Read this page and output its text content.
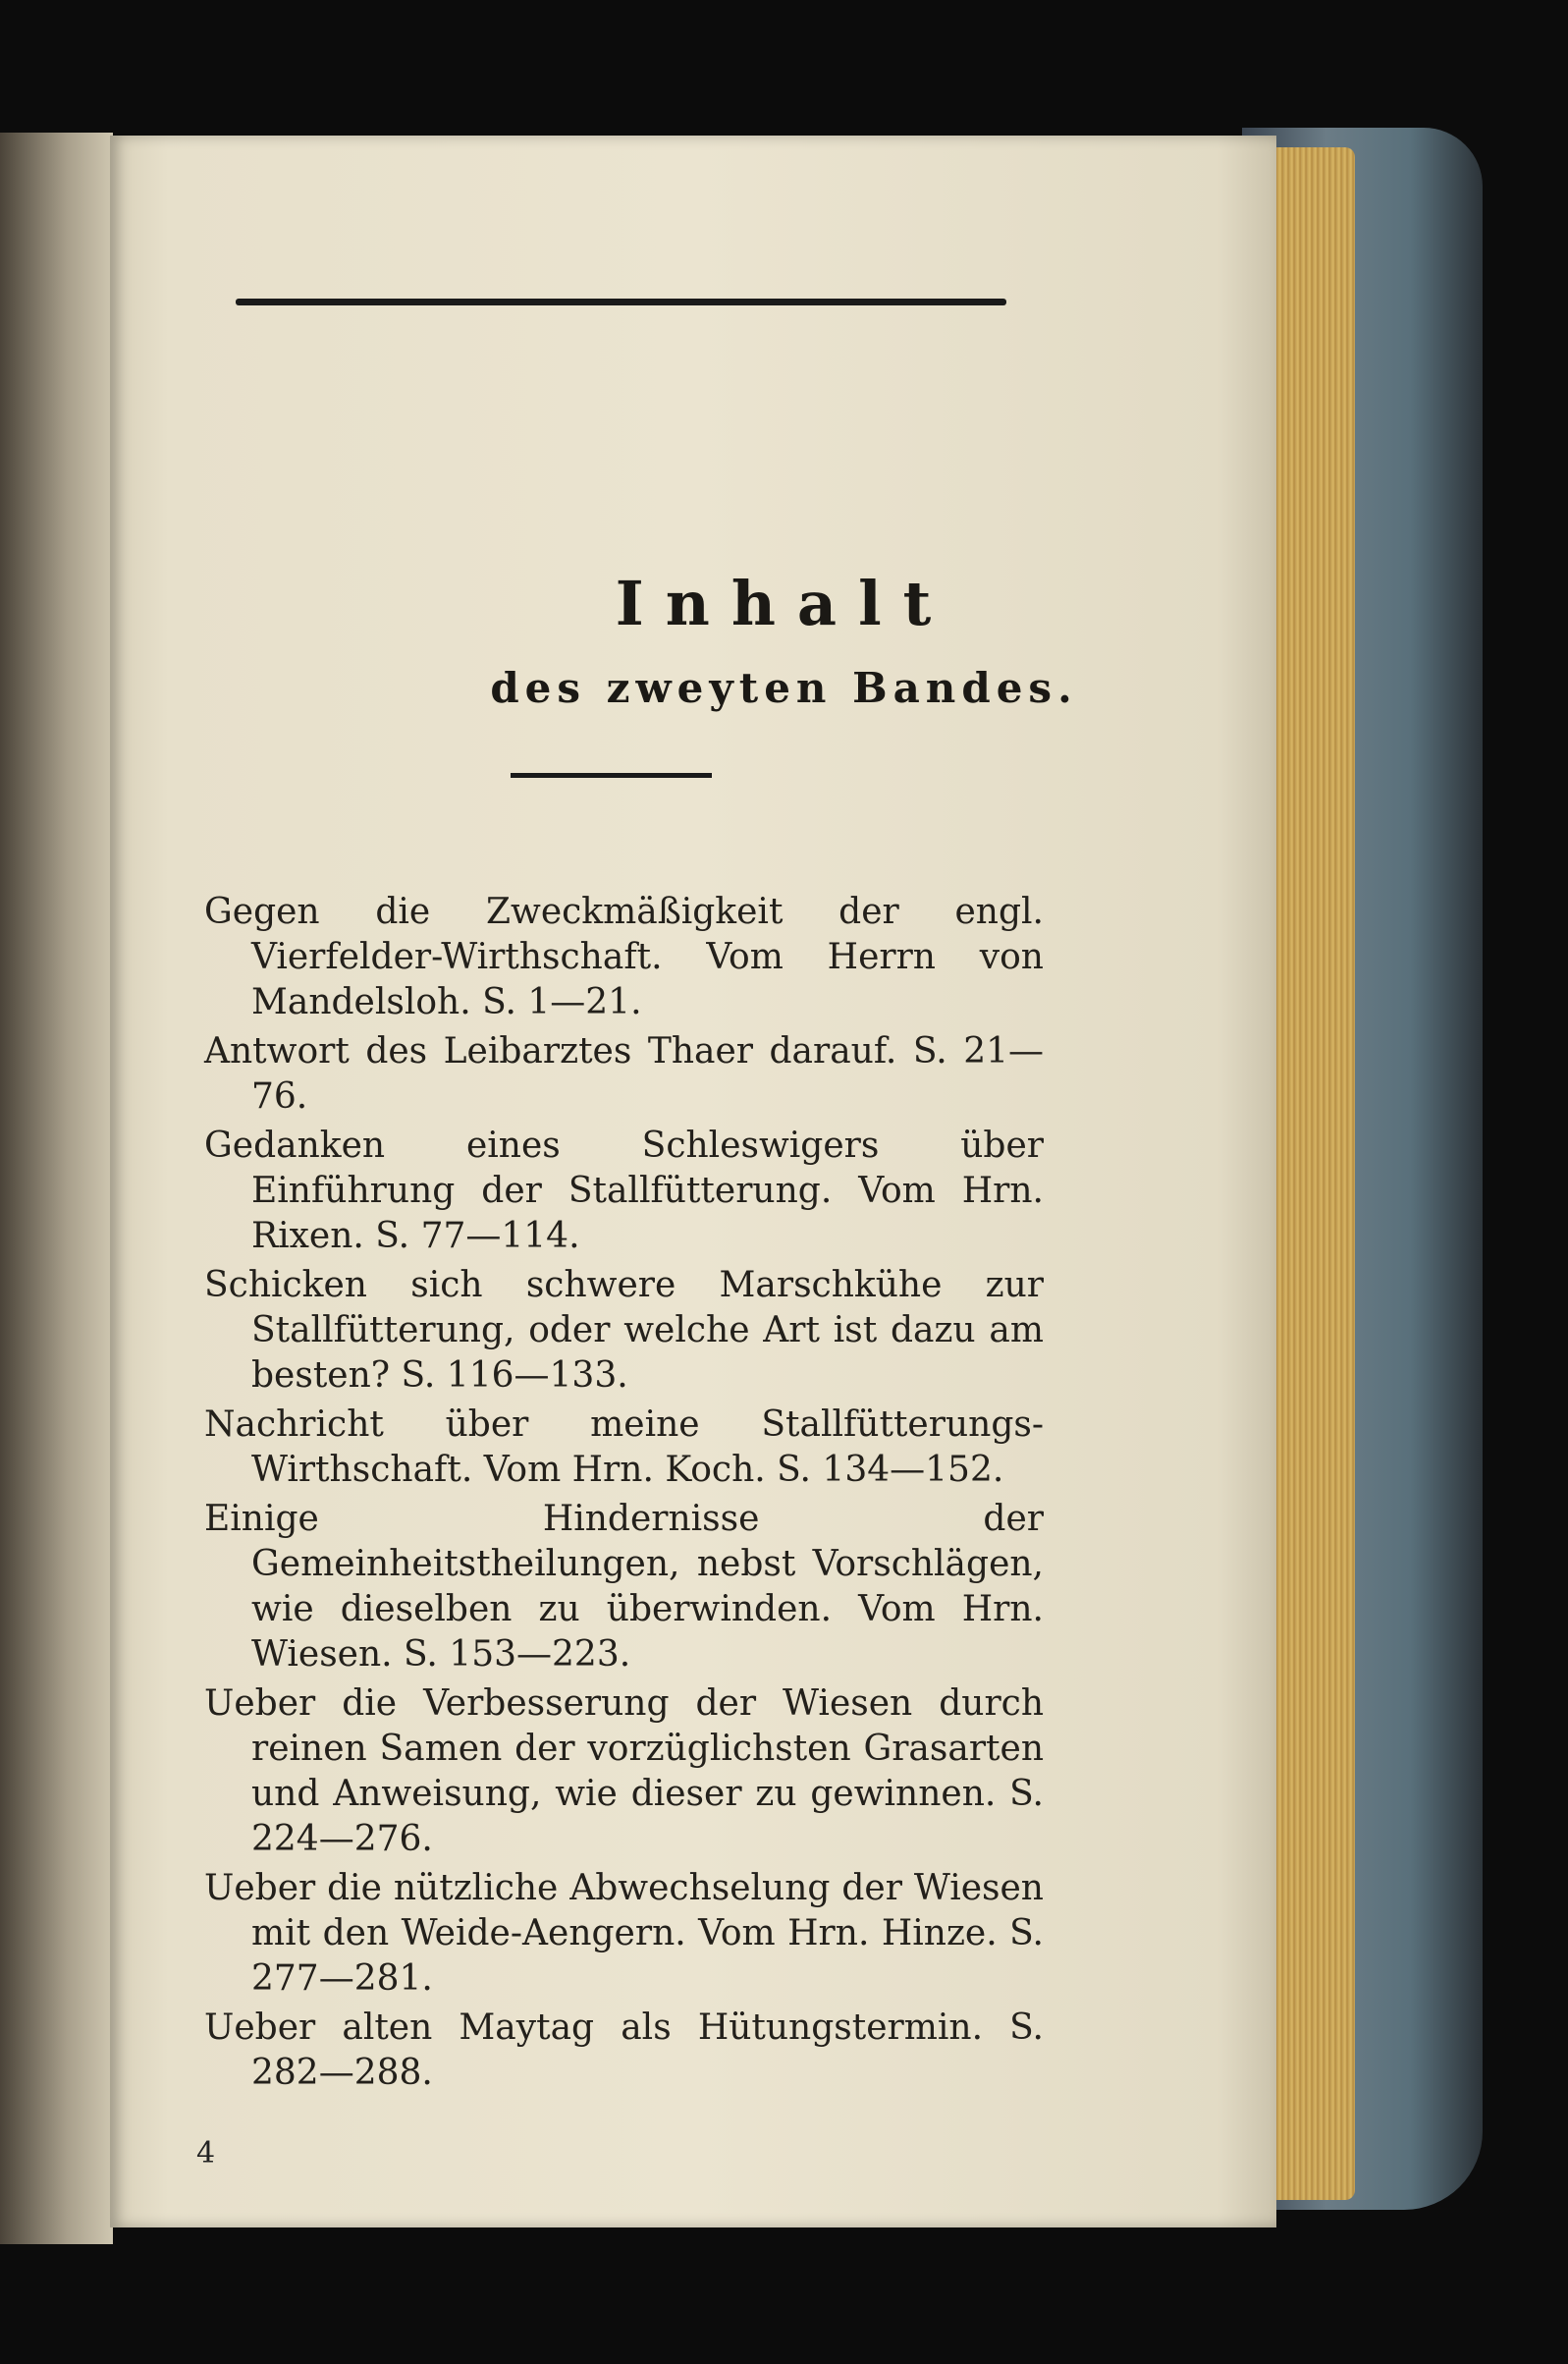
Inhalt
des zweyten Bandes.

Gegen die Zweckmäßigkeit der engl. Vierfelder-Wirthschaft. Vom Herrn von Mandelsloh. S. 1—21.

Antwort des Leibarztes Thaer darauf. S. 21—76.

Gedanken eines Schleswigers über Einführung der Stallfütterung. Vom Hrn. Rixen. S. 77—114.

Schicken sich schwere Marschkühe zur Stallfütterung, oder welche Art ist dazu am besten? S. 116—133.

Nachricht über meine Stallfütterungs-Wirthschaft. Vom Hrn. Koch. S. 134—152.

Einige Hindernisse der Gemeinheitstheilungen, nebst Vorschlägen, wie dieselben zu überwinden. Vom Hrn. Wiesen. S. 153—223.

Ueber die Verbesserung der Wiesen durch reinen Samen der vorzüglichsten Grasarten und Anweisung, wie dieser zu gewinnen. S. 224—276.

Ueber die nützliche Abwechselung der Wiesen mit den Weide-Aengern. Vom Hrn. Hinze. S. 277—281.

Ueber alten Maytag als Hütungstermin. S. 282—288.

4
